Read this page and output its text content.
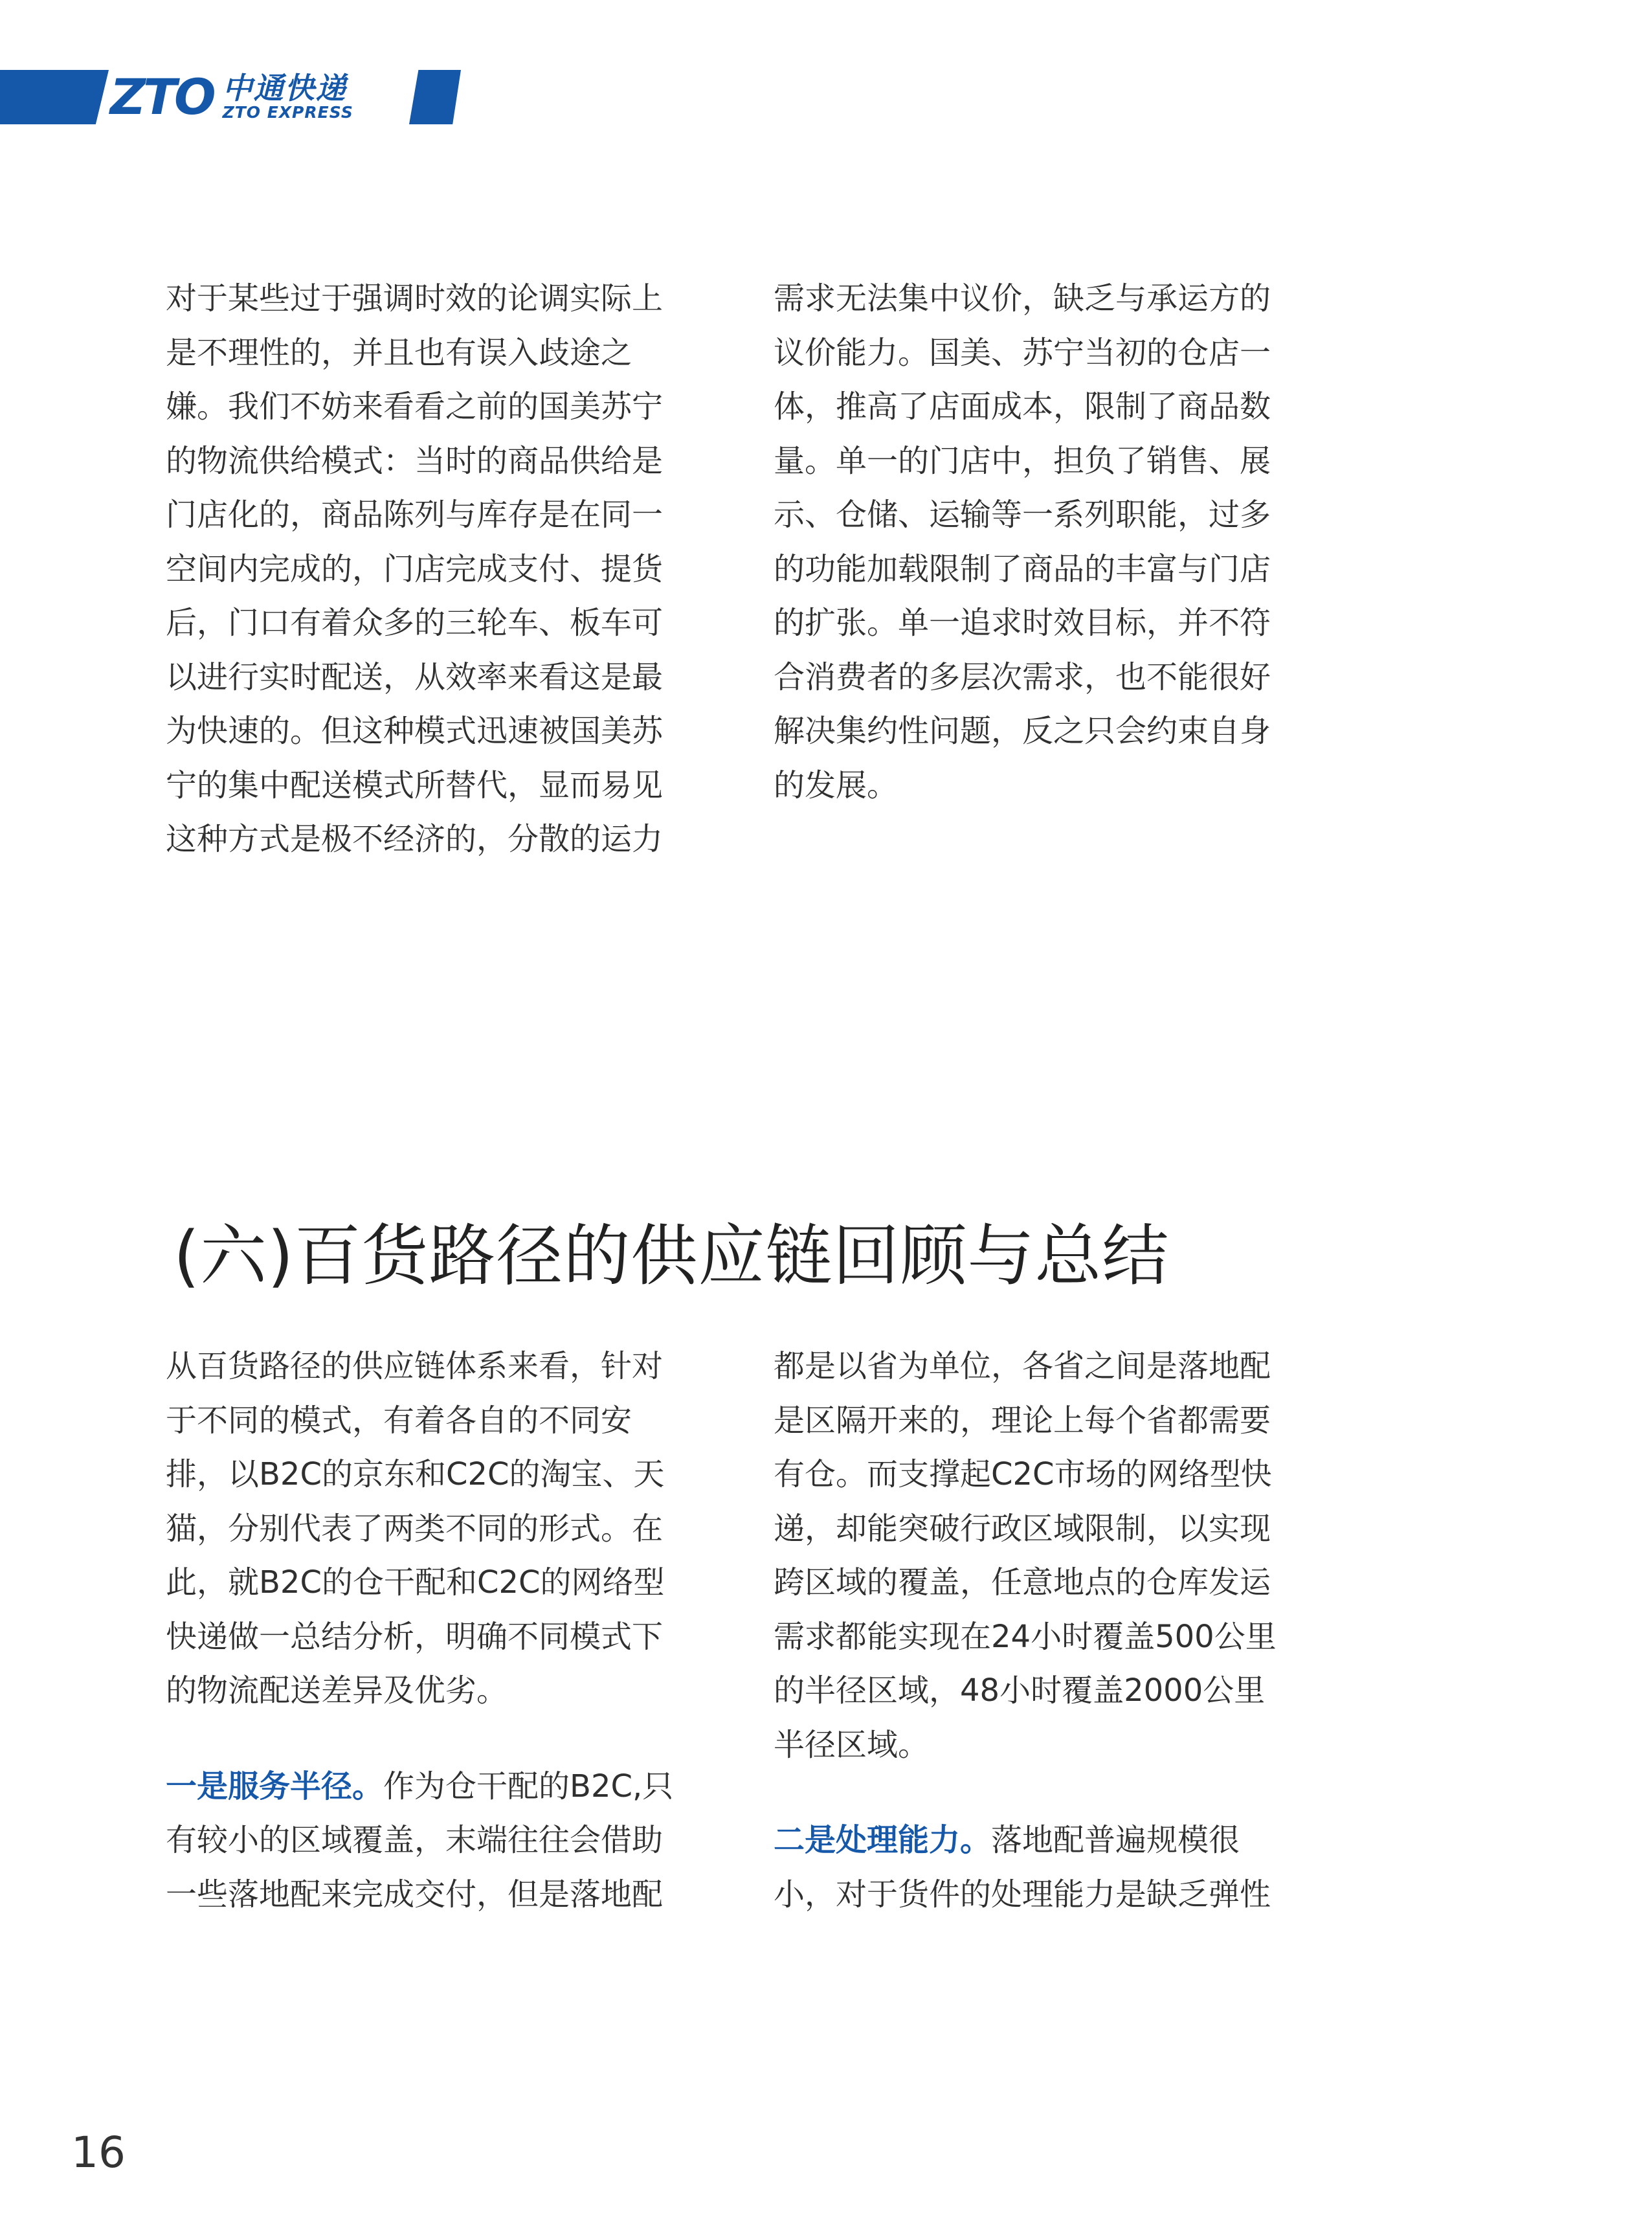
ZTO 中通快递
ZTO EXPRESS

对于某些过于强调时效的论调实际上是不理性的，并且也有误入歧途之嫌。我们不妨来看看之前的国美苏宁的物流供给模式：当时的商品供给是门店化的，商品陈列与库存是在同一空间内完成的，门店完成支付、提货后，门口有着众多的三轮车、板车可以进行实时配送，从效率来看这是最为快速的。但这种模式迅速被国美苏宁的集中配送模式所替代，显而易见这种方式是极不经济的，分散的运力

需求无法集中议价，缺乏与承运方的议价能力。国美、苏宁当初的仓店一体，推高了店面成本，限制了商品数量。单一的门店中，担负了销售、展示、仓储、运输等一系列职能，过多的功能加载限制了商品的丰富与门店的扩张。单一追求时效目标，并不符合消费者的多层次需求，也不能很好解决集约性问题，反之只会约束自身的发展。

(六)百货路径的供应链回顾与总结

从百货路径的供应链体系来看，针对于不同的模式，有着各自的不同安排，以B2C的京东和C2C的淘宝、天猫，分别代表了两类不同的形式。在此，就B2C的仓干配和C2C的网络型快递做一总结分析，明确不同模式下的物流配送差异及优劣。

一是服务半径。作为仓干配的B2C,只有较小的区域覆盖，末端往往会借助一些落地配来完成交付，但是落地配

都是以省为单位，各省之间是落地配是区隔开来的，理论上每个省都需要有仓。而支撑起C2C市场的网络型快递，却能突破行政区域限制，以实现跨区域的覆盖，任意地点的仓库发运需求都能实现在24小时覆盖500公里的半径区域，48小时覆盖2000公里半径区域。

二是处理能力。落地配普遍规模很小，对于货件的处理能力是缺乏弹性

16
